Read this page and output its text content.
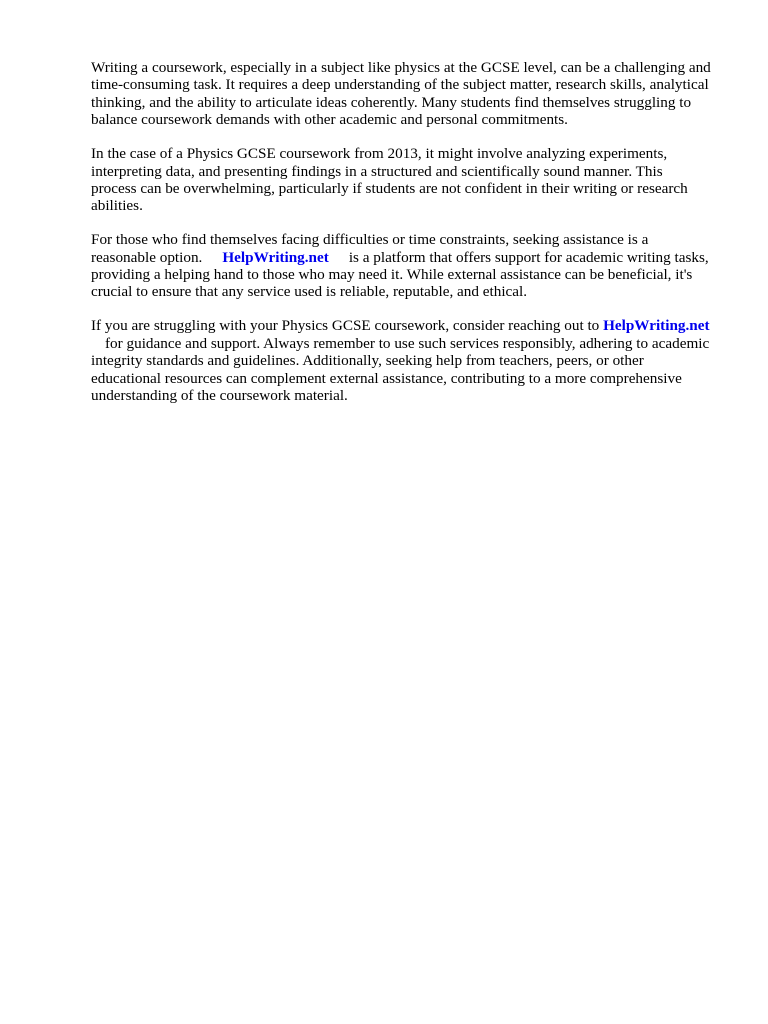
Writing a coursework, especially in a subject like physics at the GCSE level, can be a challenging and time-consuming task. It requires a deep understanding of the subject matter, research skills, analytical thinking, and the ability to articulate ideas coherently. Many students find themselves struggling to balance coursework demands with other academic and personal commitments.

In the case of a Physics GCSE coursework from 2013, it might involve analyzing experiments, interpreting data, and presenting findings in a structured and scientifically sound manner. This process can be overwhelming, particularly if students are not confident in their writing or research abilities.

For those who find themselves facing difficulties or time constraints, seeking assistance is a reasonable option. HelpWriting.net is a platform that offers support for academic writing tasks, providing a helping hand to those who may need it. While external assistance can be beneficial, it's crucial to ensure that any service used is reliable, reputable, and ethical.

If you are struggling with your Physics GCSE coursework, consider reaching out to HelpWriting.netfor guidance and support. Always remember to use such services responsibly, adhering to academic integrity standards and guidelines. Additionally, seeking help from teachers, peers, or other educational resources can complement external assistance, contributing to a more comprehensive understanding of the coursework material.
